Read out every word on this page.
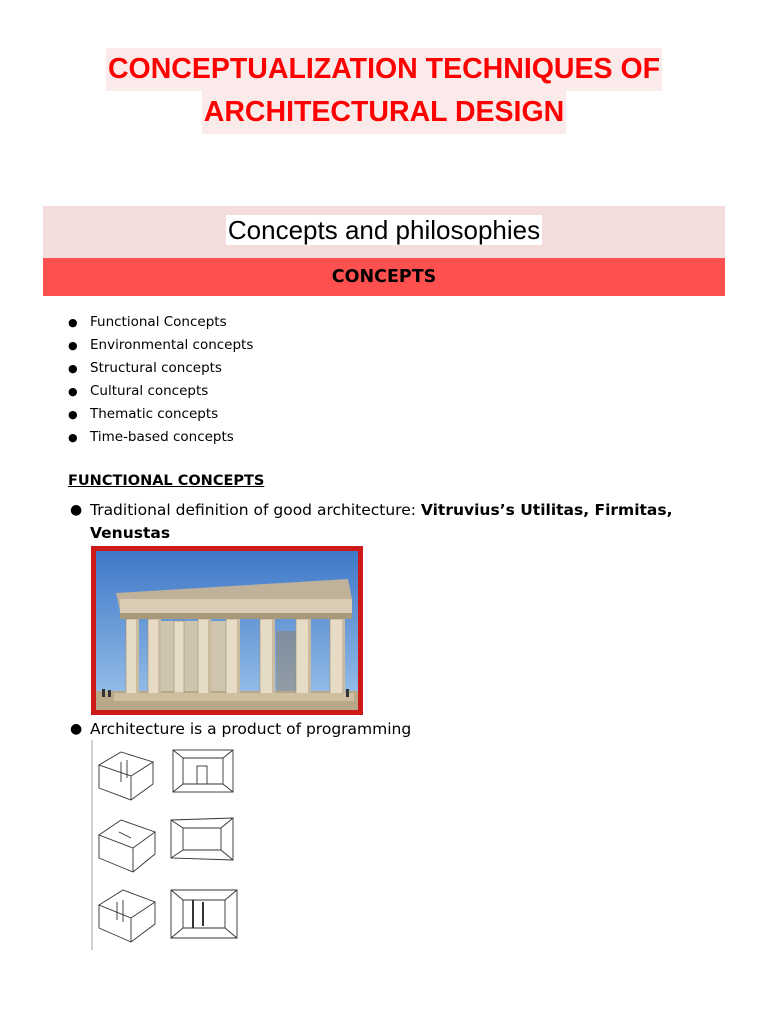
CONCEPTUALIZATION TECHNIQUES OF
ARCHITECTURAL DESIGN
Concepts and philosophies
CONCEPTS
● Functional Concepts
● Environmental concepts
● Structural concepts
● Cultural concepts
● Thematic concepts
● Time-based concepts
FUNCTIONAL CONCEPTS

● Traditional definition of good architecture: Vitruvius’s Utilitas, Firmitas, Venustas

● Architecture is a product of programming
